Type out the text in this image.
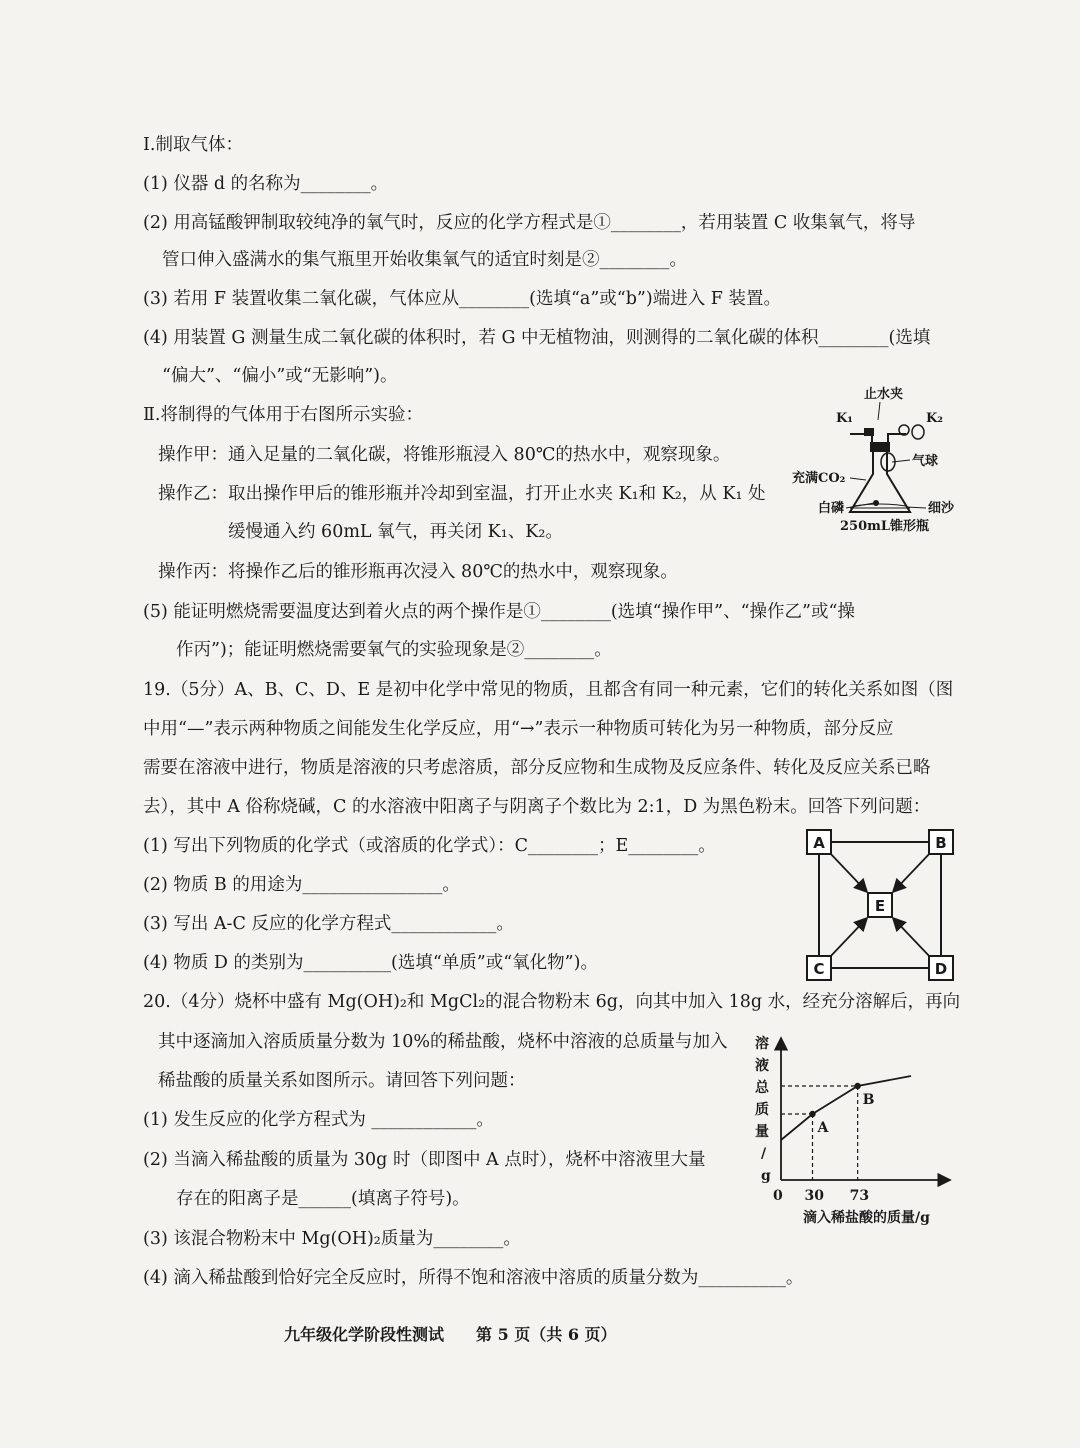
Ⅰ.制取气体：
(1) 仪器 d 的名称为________。
(2) 用高锰酸钾制取较纯净的氧气时，反应的化学方程式是①________，若用装置 C 收集氧气，将导
管口伸入盛满水的集气瓶里开始收集氧气的适宜时刻是②________。
(3) 若用 F 装置收集二氧化碳，气体应从________(选填“a”或“b”)端进入 F 装置。
(4) 用装置 G 测量生成二氧化碳的体积时，若 G 中无植物油，则测得的二氧化碳的体积________(选填
“偏大”、“偏小”或“无影响”)。
Ⅱ.将制得的气体用于右图所示实验：
操作甲：通入足量的二氧化碳，将锥形瓶浸入 80℃的热水中，观察现象。
操作乙：取出操作甲后的锥形瓶并冷却到室温，打开止水夹 K₁和 K₂，从 K₁ 处
缓慢通入约 60mL 氧气，再关闭 K₁、K₂。
操作丙：将操作乙后的锥形瓶再次浸入 80℃的热水中，观察现象。
(5) 能证明燃烧需要温度达到着火点的两个操作是①________(选填“操作甲”、“操作乙”或“操
作丙”)；能证明燃烧需要氧气的实验现象是②________。
19.（5分）A、B、C、D、E 是初中化学中常见的物质，且都含有同一种元素，它们的转化关系如图（图
中用“—”表示两种物质之间能发生化学反应，用“→”表示一种物质可转化为另一种物质，部分反应
需要在溶液中进行，物质是溶液的只考虑溶质，部分反应物和生成物及反应条件、转化及反应关系已略
去），其中 A 俗称烧碱，C 的水溶液中阳离子与阴离子个数比为 2:1，D 为黑色粉末。回答下列问题：
(1) 写出下列物质的化学式（或溶质的化学式）：C________；E________。
(2) 物质 B 的用途为________________。
(3) 写出 A-C 反应的化学方程式____________。
(4) 物质 D 的类别为__________(选填“单质”或“氧化物”)。
20.（4分）烧杯中盛有 Mg(OH)₂和 MgCl₂的混合物粉末 6g，向其中加入 18g 水，经充分溶解后，再向
其中逐滴加入溶质质量分数为 10%的稀盐酸，烧杯中溶液的总质量与加入
稀盐酸的质量关系如图所示。请回答下列问题：
(1) 发生反应的化学方程式为 ____________。
(2) 当滴入稀盐酸的质量为 30g 时（即图中 A 点时），烧杯中溶液里大量
存在的阳离子是______(填离子符号)。
(3) 该混合物粉末中 Mg(OH)₂质量为________。
(4) 滴入稀盐酸到恰好完全反应时，所得不饱和溶液中溶质的质量分数为__________。
止水夹
K₁	K₂
气球
充满CO₂
白磷	细沙
250mL锥形瓶
A	B
E
C	D
溶液总质量/ g
0
A
B
30 73
滴入稀盐酸的质量/g
九年级化学阶段性测试　　第 5 页（共 6 页）
